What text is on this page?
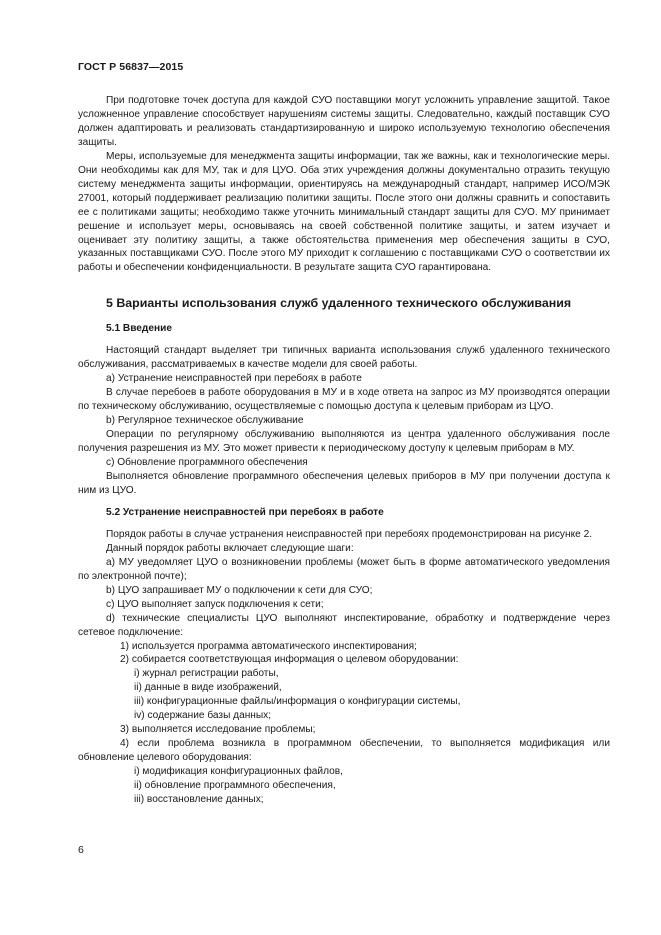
ГОСТ Р 56837—2015

При подготовке точек доступа для каждой СУО поставщики могут усложнить управление защитой. Такое усложненное управление способствует нарушениям системы защиты. Следовательно, каждый поставщик СУО должен адаптировать и реализовать стандартизированную и широко используемую технологию обеспечения защиты.

Меры, используемые для менеджмента защиты информации, так же важны, как и технологические меры. Они необходимы как для МУ, так и для ЦУО. Оба этих учреждения должны документально отразить текущую систему менеджмента защиты информации, ориентируясь на международный стандарт, например ИСО/МЭК 27001, который поддерживает реализацию политики защиты. После этого они должны сравнить и сопоставить ее с политиками защиты; необходимо также уточнить минимальный стандарт защиты для СУО. МУ принимает решение и использует меры, основываясь на своей собственной политике защиты, и затем изучает и оценивает эту политику защиты, а также обстоятельства применения мер обеспечения защиты в СУО, указанных поставщиками СУО. После этого МУ приходит к соглашению с поставщиками СУО о соответствии их работы и обеспечении конфиденциальности. В результате защита СУО гарантирована.

5 Варианты использования служб удаленного технического обслуживания
5.1 Введение

Настоящий стандарт выделяет три типичных варианта использования служб удаленного технического обслуживания, рассматриваемых в качестве модели для своей работы.

a) Устранение неисправностей при перебоях в работе

В случае перебоев в работе оборудования в МУ и в ходе ответа на запрос из МУ производятся операции по техническому обслуживанию, осуществляемые с помощью доступа к целевым приборам из ЦУО.

b) Регулярное техническое обслуживание

Операции по регулярному обслуживанию выполняются из центра удаленного обслуживания после получения разрешения из МУ. Это может привести к периодическому доступу к целевым приборам в МУ.

c) Обновление программного обеспечения

Выполняется обновление программного обеспечения целевых приборов в МУ при получении доступа к ним из ЦУО.

5.2 Устранение неисправностей при перебоях в работе

Порядок работы в случае устранения неисправностей при перебоях продемонстрирован на рисунке 2.

Данный порядок работы включает следующие шаги:

a) МУ уведомляет ЦУО о возникновении проблемы (может быть в форме автоматического уведомления по электронной почте);

b) ЦУО запрашивает МУ о подключении к сети для СУО;

c) ЦУО выполняет запуск подключения к сети;

d) технические специалисты ЦУО выполняют инспектирование, обработку и подтверждение через сетевое подключение:

1) используется программа автоматического инспектирования;

2) собирается соответствующая информация о целевом оборудовании:

i) журнал регистрации работы,

ii) данные в виде изображений,

iii) конфигурационные файлы/информация о конфигурации системы,

iv) содержание базы данных;

3) выполняется исследование проблемы;

4) если проблема возникла в программном обеспечении, то выполняется модификация или обновление целевого оборудования:

i) модификация конфигурационных файлов,

ii) обновление программного обеспечения,

iii) восстановление данных;

6
